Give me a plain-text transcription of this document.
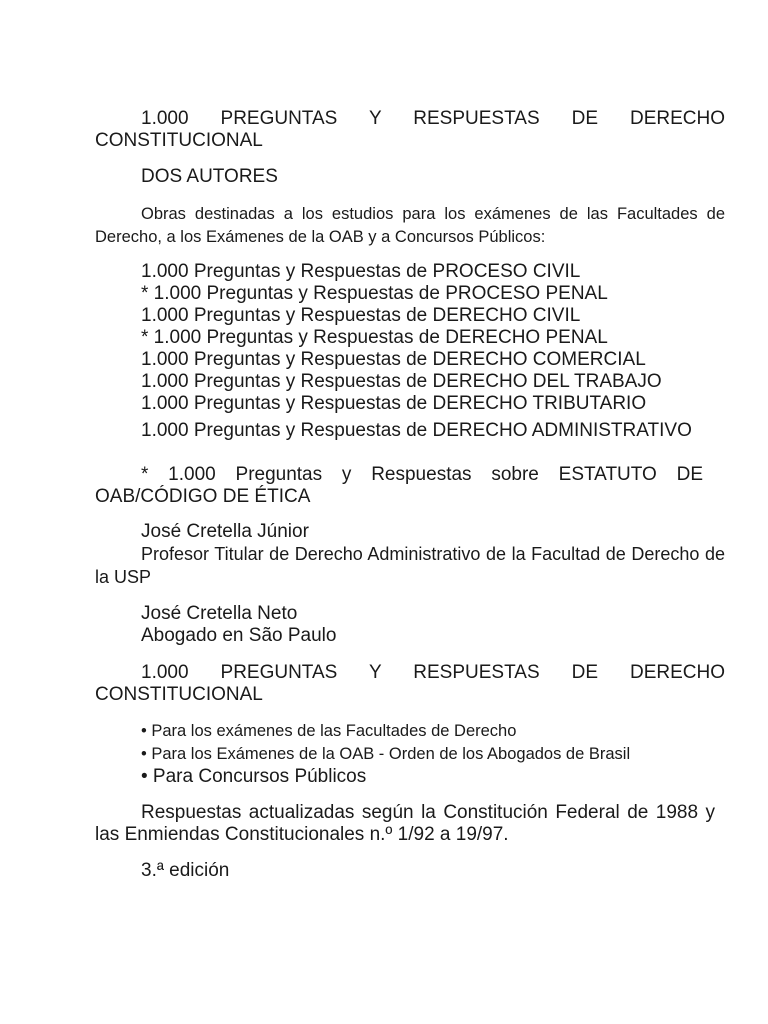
1.000 PREGUNTAS Y RESPUESTAS DE DERECHO CONSTITUCIONAL

DOS AUTORES

Obras destinadas a los estudios para los exámenes de las Facultades de Derecho, a los Exámenes de la OAB y a Concursos Públicos:

1.000 Preguntas y Respuestas de PROCESO CIVIL
* 1.000 Preguntas y Respuestas de PROCESO PENAL
1.000 Preguntas y Respuestas de DERECHO CIVIL
* 1.000 Preguntas y Respuestas de DERECHO PENAL
1.000 Preguntas y Respuestas de DERECHO COMERCIAL
1.000 Preguntas y Respuestas de DERECHO DEL TRABAJO
1.000 Preguntas y Respuestas de DERECHO TRIBUTARIO

1.000 Preguntas y Respuestas de DERECHO ADMINISTRATIVO

* 1.000 Preguntas y Respuestas sobre ESTATUTO DE OAB/CÓDIGO DE ÉTICA

José Cretella Júnior

Profesor Titular de Derecho Administrativo de la Facultad de Derecho de la USP

José Cretella Neto

Abogado en São Paulo

1.000 PREGUNTAS Y RESPUESTAS DE DERECHO CONSTITUCIONAL

• Para los exámenes de las Facultades de Derecho
• Para los Exámenes de la OAB - Orden de los Abogados de Brasil
• Para Concursos Públicos

Respuestas actualizadas según la Constitución Federal de 1988 y las Enmiendas Constitucionales n.º 1/92 a 19/97.

3.ª edición
